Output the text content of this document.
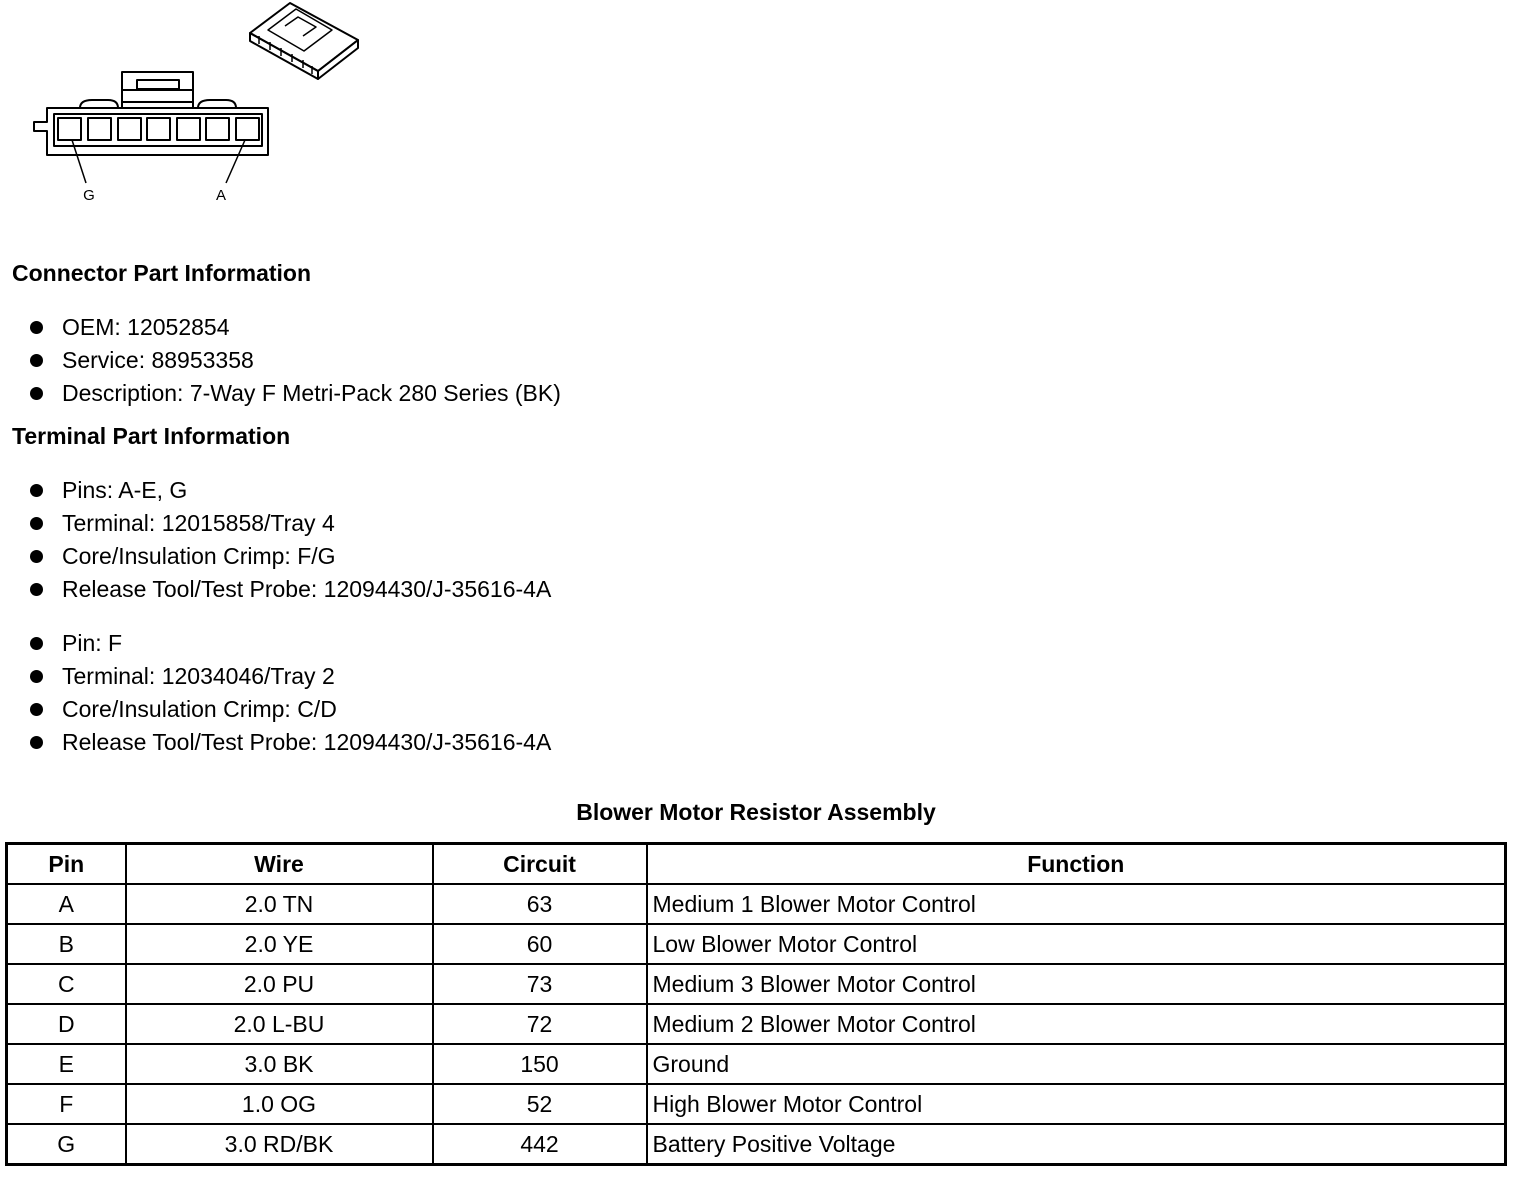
G	A
Connector Part Information
OEM: 12052854
Service: 88953358
Description: 7-Way F Metri-Pack 280 Series (BK)
Terminal Part Information
Pins: A-E, G
Terminal: 12015858/Tray 4
Core/Insulation Crimp: F/G
Release Tool/Test Probe: 12094430/J-35616-4A
Pin: F
Terminal: 12034046/Tray 2
Core/Insulation Crimp: C/D
Release Tool/Test Probe: 12094430/J-35616-4A
Blower Motor Resistor Assembly
Pin	Wire	Circuit	Function
A	2.0 TN	63	Medium 1 Blower Motor Control
B	2.0 YE	60	Low Blower Motor Control
C	2.0 PU	73	Medium 3 Blower Motor Control
D	2.0 L-BU	72	Medium 2 Blower Motor Control
E	3.0 BK	150	Ground
F	1.0 OG	52	High Blower Motor Control
G	3.0 RD/BK	442	Battery Positive Voltage
